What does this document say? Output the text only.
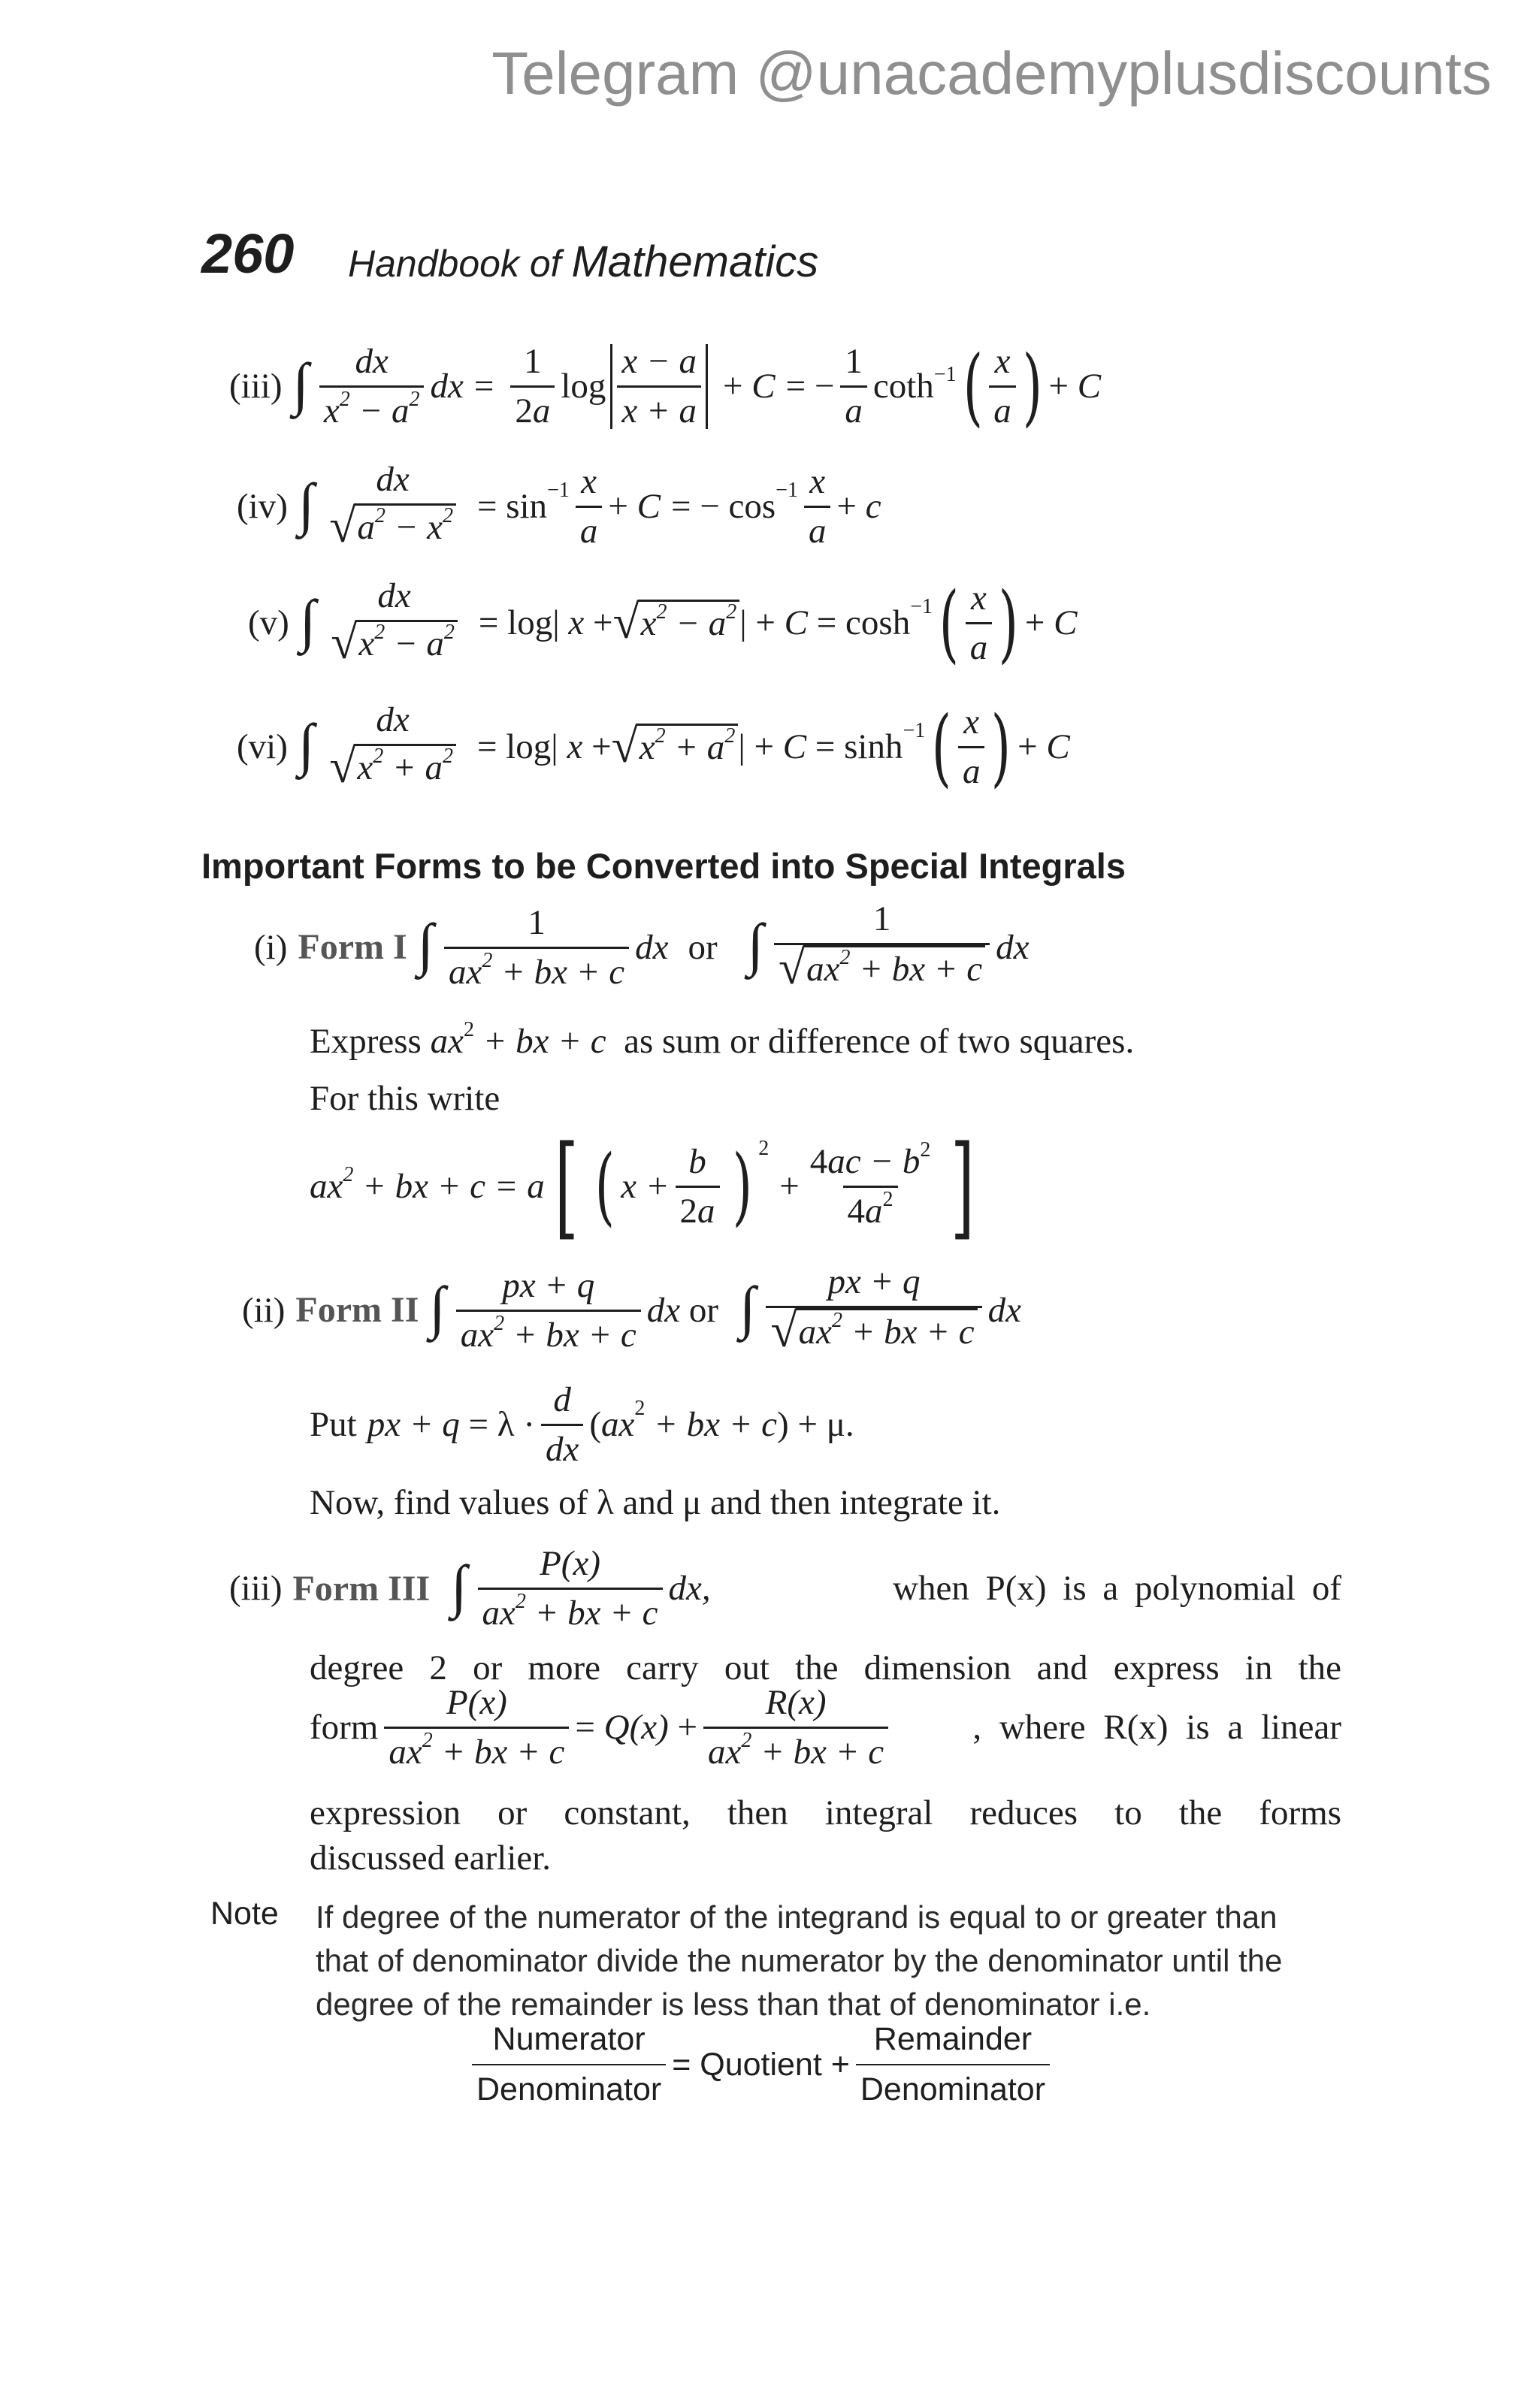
Telegram @unacademyplusdiscounts
260 Handbook of Mathematics
(iii) ∫ $\frac{dx}{x^2 - a^2}$ dx = $\frac{1}{2a}$ $\log \frac{x - a}{x + a} + C$ = − $\frac{1}{a} \cot h^{-1}$ ( $\frac{x}{a}$ ) + C
(iv) ∫ dx
√ $a^2 - x^2 = \sin^{-1} \frac{x}{a} + C$ = − $\cos^{-1} \frac{x}{a} + c$
(v) ∫ dx
√ $x^2 - a^2 = \log|$ x + √ $x^2 - a^2$ | + $C = \cosh^{-1}$ ( $\frac{x}{a}$ ) + C
(vi) ∫ dx
√ $x^2 + a^2 = \log|$ x + √ $x^2 + a^2$ | + $C = \sinh^{-1}$ ( $\frac{x}{a}$ ) + C
Important Forms to be Converted into Special Integrals
(i) Form I ∫ $\frac{1}{ax^2 + bx + c}$ dx or ∫ $\frac{1}{√ ax^2 + bx + c}$ dx
Express $ax^2$ + bx + c  as sum or difference of two squares.
For this write
$ax^2$ + bx + c = a [ ( $x + \frac{b}{2a}$ ) $^2$
+ $\frac{4ac - b^2}{4a^2}$ ]
(ii) Form II ∫ $\frac{px + q}{ax^2 + bx + c}$ dx
or ∫ $\frac{px + q}{√ ax^2 + bx + c}$ dx
Put px + $q = \lambda \cdot \frac{d}{dx}$ ( $ax^2$ + bx + c ) + μ.
Now, find values of λ and μ and then integrate it.
(iii) Form III ∫ $\frac{P(x)}{ax^2 + bx + c}$ dx,	when P(x) is a polynomial of
degree 2 or more carry out the dimension and express in the
form $\frac{P(x)}{ax^2 + bx + c} = Q(x) + \frac{R(x)}{ax^2 + bx + c}$ , where R(x) is a linear
expression or constant, then integral reduces to the forms
discussed earlier.
Note If degree of the numerator of the integrand is equal to or greater than that of denominator divide the numerator by the denominator until the degree of the remainder is less than that of denominator i.e.
$\frac{\text{Numerator}}{\text{Denominator}}$ = Quotient + $\frac{\text{Remainder}}{\text{Denominator}}$
